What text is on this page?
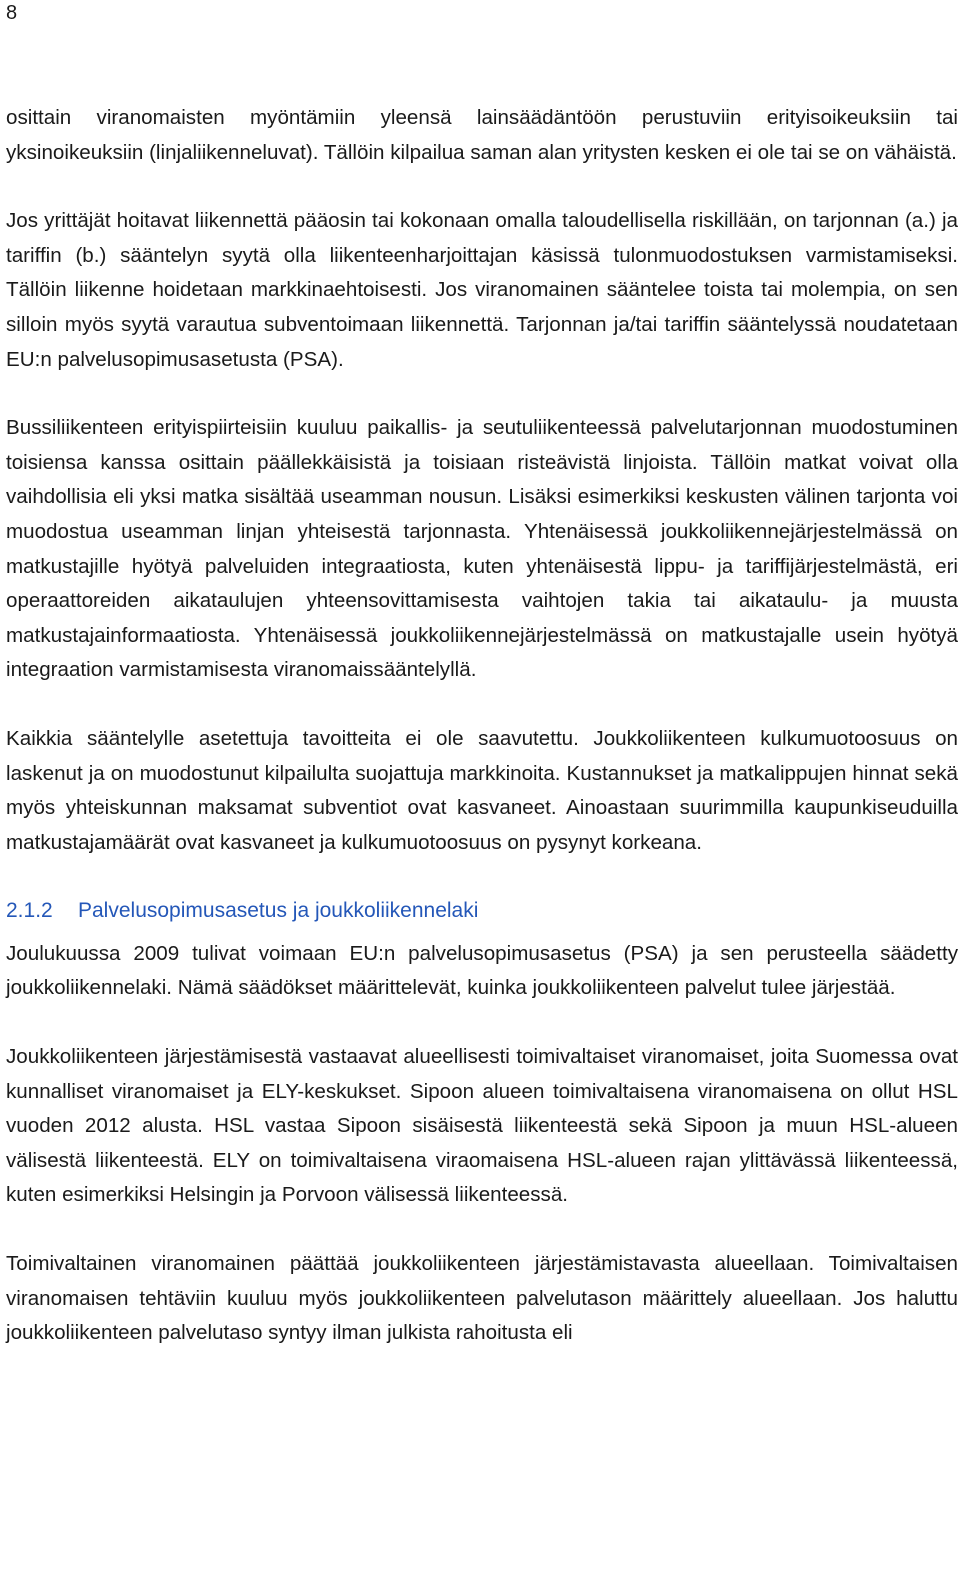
8

osittain viranomaisten myöntämiin yleensä lainsäädäntöön perustuviin erityisoikeuksiin tai yksinoikeuksiin (linjaliikenneluvat). Tällöin kilpailua saman alan yritysten kesken ei ole tai se on vähäistä.

Jos yrittäjät hoitavat liikennettä pääosin tai kokonaan omalla taloudellisella riskillään, on tarjonnan (a.) ja tariffin (b.) sääntelyn syytä olla liikenteenharjoittajan käsissä tulonmuodostuksen varmistamiseksi. Tällöin liikenne hoidetaan markkinaehtoisesti. Jos viranomainen sääntelee toista tai molempia, on sen silloin myös syytä varautua subventoimaan liikennettä. Tarjonnan ja/tai tariffin sääntelyssä noudatetaan EU:n palvelusopimusasetusta (PSA).

Bussiliikenteen erityispiirteisiin kuuluu paikallis- ja seutuliikenteessä palvelutarjonnan muodostuminen toisiensa kanssa osittain päällekkäisistä ja toisiaan risteävistä linjoista. Tällöin matkat voivat olla vaihdollisia eli yksi matka sisältää useamman nousun. Lisäksi esimerkiksi keskusten välinen tarjonta voi muodostua useamman linjan yhteisestä tarjonnasta. Yhtenäisessä joukkoliikennejärjestelmässä on matkustajille hyötyä palveluiden integraatiosta, kuten yhtenäisestä lippu- ja tariffijärjestelmästä, eri operaattoreiden aikataulujen yhteensovittamisesta vaihtojen takia tai aikataulu- ja muusta matkustajainformaatiosta. Yhtenäisessä joukkoliikennejärjestelmässä on matkustajalle usein hyötyä integraation varmistamisesta viranomaissääntelyllä.

Kaikkia sääntelylle asetettuja tavoitteita ei ole saavutettu. Joukkoliikenteen kulkumuotoosuus on laskenut ja on muodostunut kilpailulta suojattuja markkinoita. Kustannukset ja matkalippujen hinnat sekä myös yhteiskunnan maksamat subventiot ovat kasvaneet. Ainoastaan suurimmilla kaupunkiseuduilla matkustajamäärät ovat kasvaneet ja kulkumuotoosuus on pysynyt korkeana.

2.1.2 Palvelusopimusasetus ja joukkoliikennelaki

Joulukuussa 2009 tulivat voimaan EU:n palvelusopimusasetus (PSA) ja sen perusteella säädetty joukkoliikennelaki. Nämä säädökset määrittelevät, kuinka joukkoliikenteen palvelut tulee järjestää.

Joukkoliikenteen järjestämisestä vastaavat alueellisesti toimivaltaiset viranomaiset, joita Suomessa ovat kunnalliset viranomaiset ja ELY-keskukset. Sipoon alueen toimivaltaisena viranomaisena on ollut HSL vuoden 2012 alusta. HSL vastaa Sipoon sisäisestä liikenteestä sekä Sipoon ja muun HSL-alueen välisestä liikenteestä. ELY on toimivaltaisena viraomaisena HSL-alueen rajan ylittävässä liikenteessä, kuten esimerkiksi Helsingin ja Porvoon välisessä liikenteessä.

Toimivaltainen viranomainen päättää joukkoliikenteen järjestämistavasta alueellaan. Toimivaltaisen viranomaisen tehtäviin kuuluu myös joukkoliikenteen palvelutason määrittely alueellaan. Jos haluttu joukkoliikenteen palvelutaso syntyy ilman julkista rahoitusta eli
